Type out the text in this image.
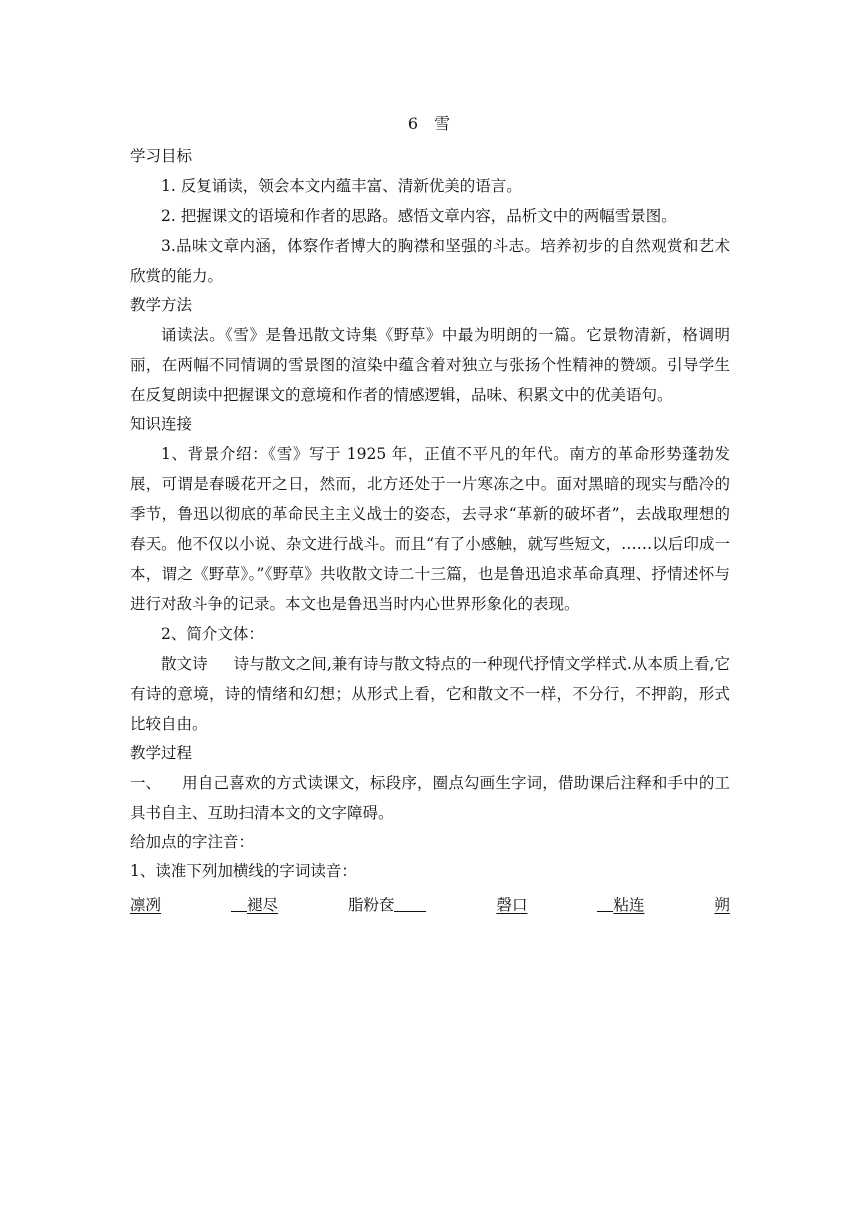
6 雪

学习目标

1. 反复诵读，领会本文内蕴丰富、清新优美的语言。

2. 把握课文的语境和作者的思路。感悟文章内容，品析文中的两幅雪景图。

3.品味文章内涵，体察作者博大的胸襟和坚强的斗志。培养初步的自然观赏和艺术欣赏的能力。

教学方法

诵读法。《雪》是鲁迅散文诗集《野草》中最为明朗的一篇。它景物清新，格调明丽，在两幅不同情调的雪景图的渲染中蕴含着对独立与张扬个性精神的赞颂。引导学生在反复朗读中把握课文的意境和作者的情感逻辑，品味、积累文中的优美语句。

知识连接

1、背景介绍：《雪》写于 1925 年，正值不平凡的年代。南方的革命形势蓬勃发展，可谓是春暖花开之日，然而，北方还处于一片寒冻之中。面对黑暗的现实与酷冷的季节，鲁迅以彻底的革命民主主义战士的姿态，去寻求“革新的破坏者”，去战取理想的春天。他不仅以小说、杂文进行战斗。而且“有了小感触，就写些短文，……以后印成一本，谓之《野草》。”《野草》共收散文诗二十三篇，也是鲁迅追求革命真理、抒情述怀与进行对敌斗争的记录。本文也是鲁迅当时内心世界形象化的表现。

2、简介文体：

散文诗 诗与散文之间,兼有诗与散文特点的一种现代抒情文学样式.从本质上看,它有诗的意境，诗的情绪和幻想；从形式上看，它和散文不一样，不分行，不押韵，形式比较自由。

教学过程

一、 用自己喜欢的方式读课文，标段序，圈点勾画生字词，借助课后注释和手中的工具书自主、互助扫清本文的文字障碍。

给加点的字注音：

1、读准下列加横线的字词读音：

凛冽	褪尽	脂粉奁	磬口	粘连	朔
